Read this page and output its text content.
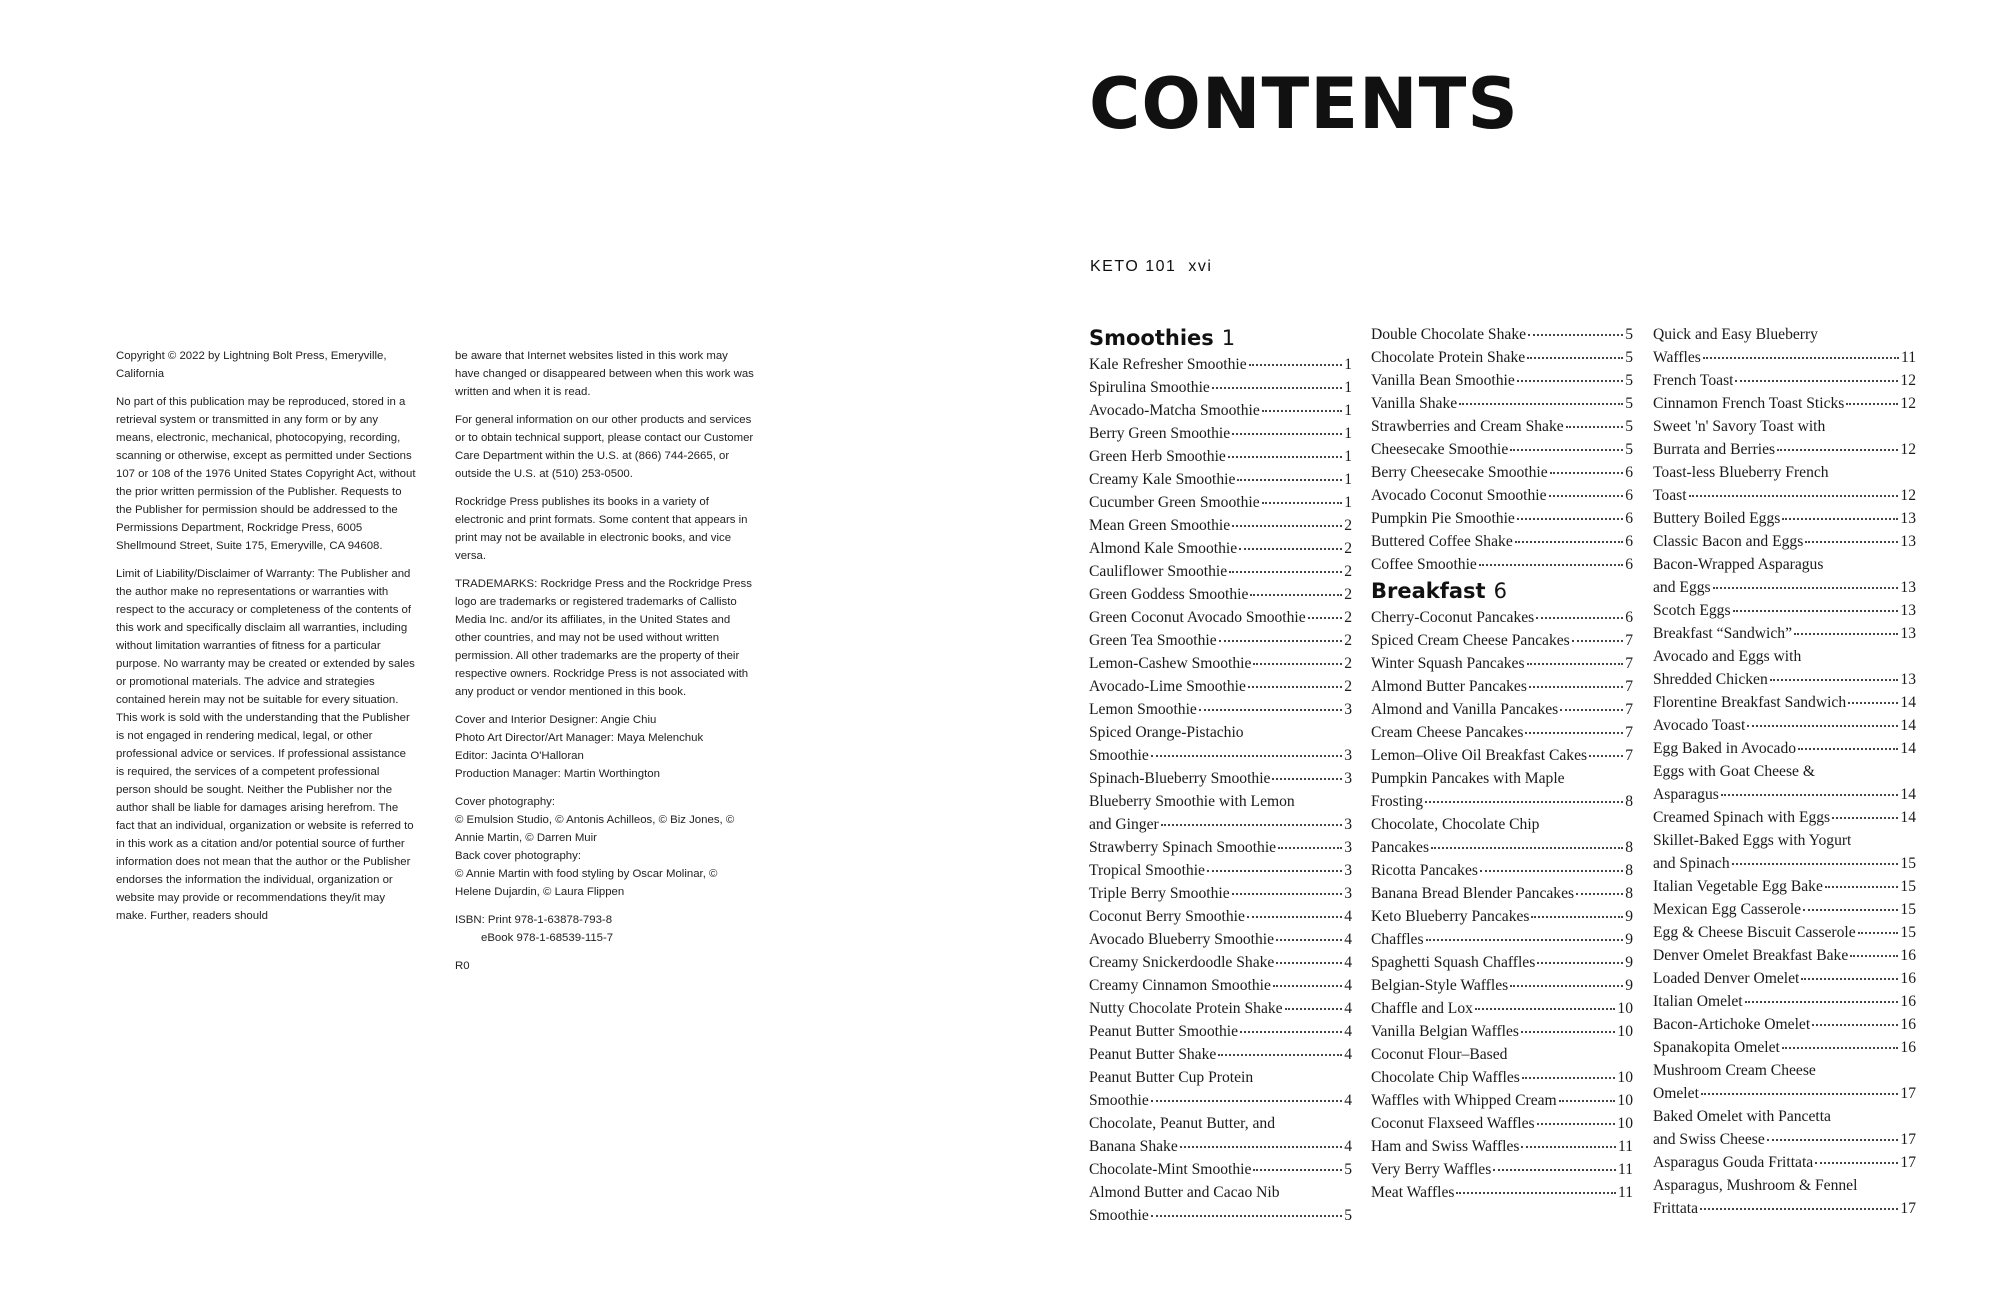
Copyright © 2022 by Lightning Bolt Press, Emeryville, California

No part of this publication may be reproduced, stored in a retrieval system or transmitted in any form or by any means, electronic, mechanical, photocopying, recording, scanning or otherwise, except as permitted under Sections 107 or 108 of the 1976 United States Copyright Act, without the prior written permission of the Publisher. Requests to the Publisher for permission should be addressed to the Permissions Department, Rockridge Press, 6005 Shellmound Street, Suite 175, Emeryville, CA 94608.

Limit of Liability/Disclaimer of Warranty: The Publisher and the author make no representations or warranties with respect to the accuracy or completeness of the contents of this work and specifically disclaim all warranties, including without limitation warranties of fitness for a particular purpose. No warranty may be created or extended by sales or promotional materials. The advice and strategies contained herein may not be suitable for every situation. This work is sold with the understanding that the Publisher is not engaged in rendering medical, legal, or other professional advice or services. If professional assistance is required, the services of a competent professional person should be sought. Neither the Publisher nor the author shall be liable for damages arising herefrom. The fact that an individual, organization or website is referred to in this work as a citation and/or potential source of further information does not mean that the author or the Publisher endorses the information the individual, organization or website may provide or recommendations they/it may make. Further, readers should

be aware that Internet websites listed in this work may have changed or disappeared between when this work was written and when it is read.

For general information on our other products and services or to obtain technical support, please contact our Customer Care Department within the U.S. at (866) 744-2665, or outside the U.S. at (510) 253-0500.

Rockridge Press publishes its books in a variety of electronic and print formats. Some content that appears in print may not be available in electronic books, and vice versa.

TRADEMARKS: Rockridge Press and the Rockridge Press logo are trademarks or registered trademarks of Callisto Media Inc. and/or its affiliates, in the United States and other countries, and may not be used without written permission. All other trademarks are the property of their respective owners. Rockridge Press is not associated with any product or vendor mentioned in this book.

Cover and Interior Designer: Angie Chiu
Photo Art Director/Art Manager: Maya Melenchuk
Editor: Jacinta O'Halloran
Production Manager: Martin Worthington

Cover photography:
© Emulsion Studio, © Antonis Achilleos, © Biz Jones, © Annie Martin, © Darren Muir
Back cover photography:
© Annie Martin with food styling by Oscar Molinar, © Helene Dujardin, © Laura Flippen

ISBN: Print 978-1-63878-793-8

eBook 978-1-68539-115-7

R0

CONTENTS
KETO 101 xvi
Smoothies 1
Kale Refresher Smoothie	1
Spirulina Smoothie	1
Avocado-Matcha Smoothie	1
Berry Green Smoothie	1
Green Herb Smoothie	1
Creamy Kale Smoothie	1
Cucumber Green Smoothie	1
Mean Green Smoothie	2
Almond Kale Smoothie	2
Cauliflower Smoothie	2
Green Goddess Smoothie	2
Green Coconut Avocado Smoothie 2
Green Tea Smoothie	2
Lemon-Cashew Smoothie	2
Avocado-Lime Smoothie	2
Lemon Smoothie	3
Spiced Orange-Pistachio
Smoothie	3
Spinach-Blueberry Smoothie	3
Blueberry Smoothie with Lemon
and Ginger	3
Strawberry Spinach Smoothie	3
Tropical Smoothie	3
Triple Berry Smoothie	3
Coconut Berry Smoothie	4
Avocado Blueberry Smoothie	4
Creamy Snickerdoodle Shake	4
Creamy Cinnamon Smoothie	4
Nutty Chocolate Protein Shake	4
Peanut Butter Smoothie	4
Peanut Butter Shake	4
Peanut Butter Cup Protein
Smoothie	4
Chocolate, Peanut Butter, and
Banana Shake	4
Chocolate-Mint Smoothie	5
Almond Butter and Cacao Nib
Smoothie	5
Double Chocolate Shake	5
Chocolate Protein Shake	5
Vanilla Bean Smoothie	5
Vanilla Shake	5
Strawberries and Cream Shake	5
Cheesecake Smoothie	5
Berry Cheesecake Smoothie	6
Avocado Coconut Smoothie	6
Pumpkin Pie Smoothie	6
Buttered Coffee Shake	6
Coffee Smoothie	6
Breakfast 6
Cherry-Coconut Pancakes	6
Spiced Cream Cheese Pancakes	7
Winter Squash Pancakes	7
Almond Butter Pancakes	7
Almond and Vanilla Pancakes	7
Cream Cheese Pancakes	7
Lemon–Olive Oil Breakfast Cakes 7
Pumpkin Pancakes with Maple
Frosting	8
Chocolate, Chocolate Chip
Pancakes	8
Ricotta Pancakes	8
Banana Bread Blender Pancakes	8
Keto Blueberry Pancakes	9
Chaffles	9
Spaghetti Squash Chaffles	9
Belgian-Style Waffles	9
Chaffle and Lox	10
Vanilla Belgian Waffles	10
Coconut Flour–Based
Chocolate Chip Waffles	10
Waffles with Whipped Cream	10
Coconut Flaxseed Waffles	10
Ham and Swiss Waffles	11
Very Berry Waffles	11
Meat Waffles	11
Quick and Easy Blueberry
Waffles	11
French Toast	12
Cinnamon French Toast Sticks	12
Sweet 'n' Savory Toast with
Burrata and Berries	12
Toast-less Blueberry French
Toast	12
Buttery Boiled Eggs	13
Classic Bacon and Eggs	13
Bacon-Wrapped Asparagus
and Eggs	13
Scotch Eggs	13
Breakfast “Sandwich”	13
Avocado and Eggs with
Shredded Chicken	13
Florentine Breakfast Sandwich	14
Avocado Toast	14
Egg Baked in Avocado	14
Eggs with Goat Cheese &
Asparagus	14
Creamed Spinach with Eggs	14
Skillet-Baked Eggs with Yogurt
and Spinach	15
Italian Vegetable Egg Bake	15
Mexican Egg Casserole	15
Egg & Cheese Biscuit Casserole	15
Denver Omelet Breakfast Bake	16
Loaded Denver Omelet	16
Italian Omelet	16
Bacon-Artichoke Omelet	16
Spanakopita Omelet	16
Mushroom Cream Cheese
Omelet	17
Baked Omelet with Pancetta
and Swiss Cheese	17
Asparagus Gouda Frittata	17
Asparagus, Mushroom & Fennel
Frittata	17
